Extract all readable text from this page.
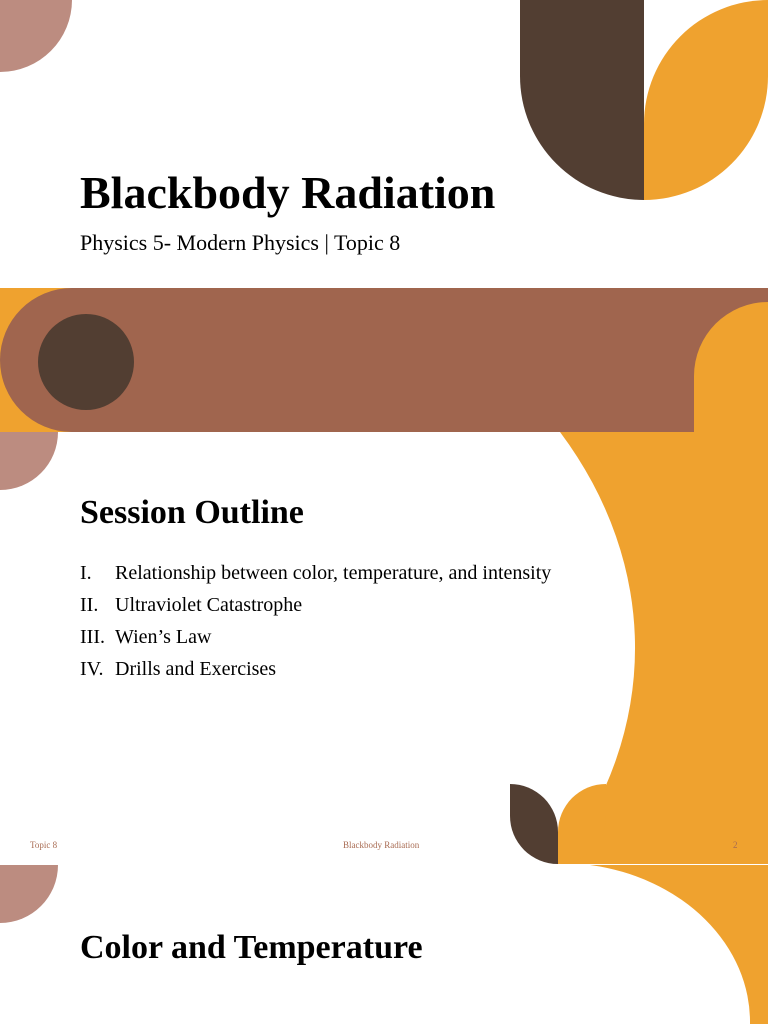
Blackbody Radiation
Physics 5- Modern Physics | Topic 8
Session Outline
I. Relationship between color, temperature, and intensity
II. Ultraviolet Catastrophe
III. Wien’s Law
IV. Drills and Exercises
Topic 8	Blackbody Radiation	2
Color and Temperature
